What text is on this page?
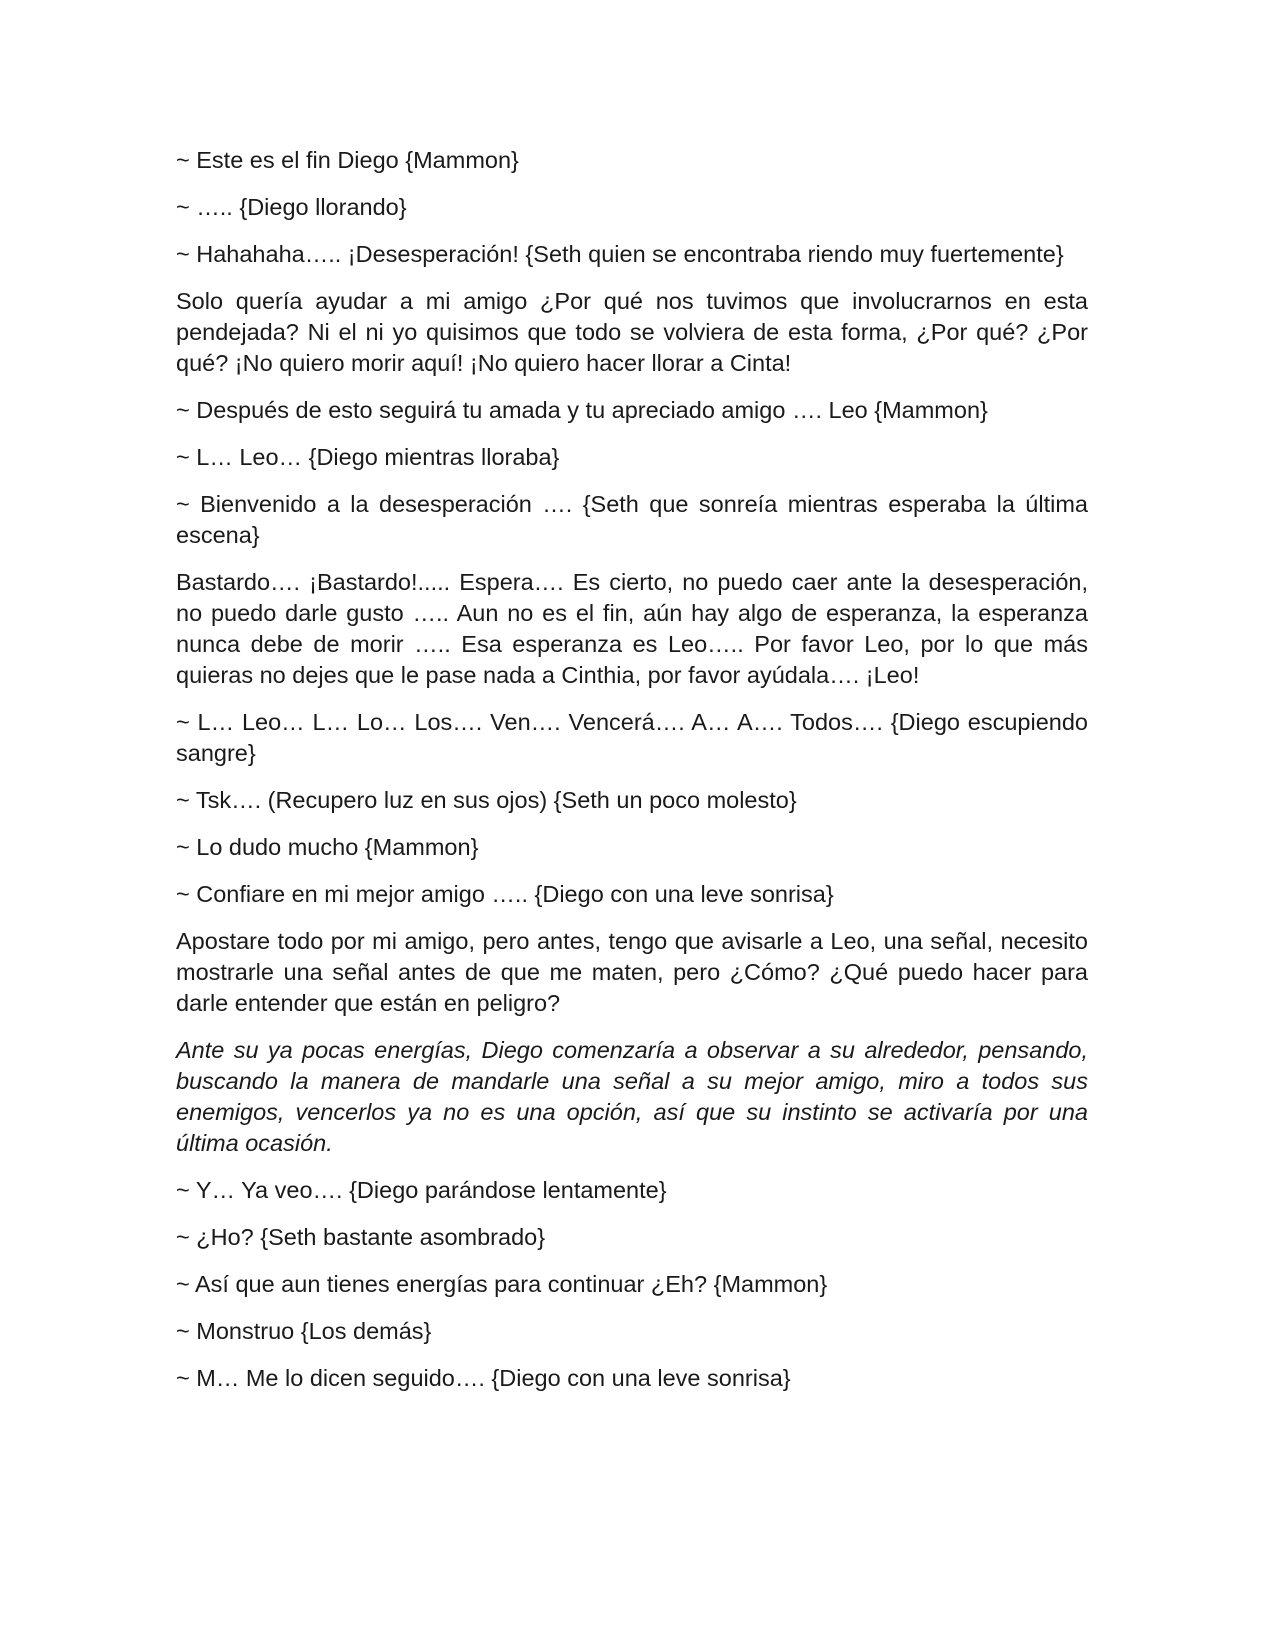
~ Este es el fin Diego {Mammon}

~ ….. {Diego llorando}

~ Hahahaha….. ¡Desesperación! {Seth quien se encontraba riendo muy fuertemente}

Solo quería ayudar a mi amigo ¿Por qué nos tuvimos que involucrarnos en esta pendejada? Ni el ni yo quisimos que todo se volviera de esta forma, ¿Por qué? ¿Por qué? ¡No quiero morir aquí! ¡No quiero hacer llorar a Cinta!

~ Después de esto seguirá tu amada y tu apreciado amigo …. Leo {Mammon}

~ L… Leo… {Diego mientras lloraba}

~ Bienvenido a la desesperación …. {Seth que sonreía mientras esperaba la última escena}

Bastardo…. ¡Bastardo!..... Espera…. Es cierto, no puedo caer ante la desesperación, no puedo darle gusto ….. Aun no es el fin, aún hay algo de esperanza, la esperanza nunca debe de morir ….. Esa esperanza es Leo….. Por favor Leo, por lo que más quieras no dejes que le pase nada a Cinthia, por favor ayúdala…. ¡Leo!

~ L… Leo… L… Lo… Los…. Ven…. Vencerá…. A… A…. Todos…. {Diego escupiendo sangre}

~ Tsk…. (Recupero luz en sus ojos) {Seth un poco molesto}

~ Lo dudo mucho {Mammon}

~ Confiare en mi mejor amigo ….. {Diego con una leve sonrisa}

Apostare todo por mi amigo, pero antes, tengo que avisarle a Leo, una señal, necesito mostrarle una señal antes de que me maten, pero ¿Cómo? ¿Qué puedo hacer para darle entender que están en peligro?

Ante su ya pocas energías, Diego comenzaría a observar a su alrededor, pensando, buscando la manera de mandarle una señal a su mejor amigo, miro a todos sus enemigos, vencerlos ya no es una opción, así que su instinto se activaría por una última ocasión.

~ Y… Ya veo…. {Diego parándose lentamente}

~ ¿Ho? {Seth bastante asombrado}

~ Así que aun tienes energías para continuar ¿Eh? {Mammon}

~ Monstruo {Los demás}

~ M… Me lo dicen seguido…. {Diego con una leve sonrisa}
